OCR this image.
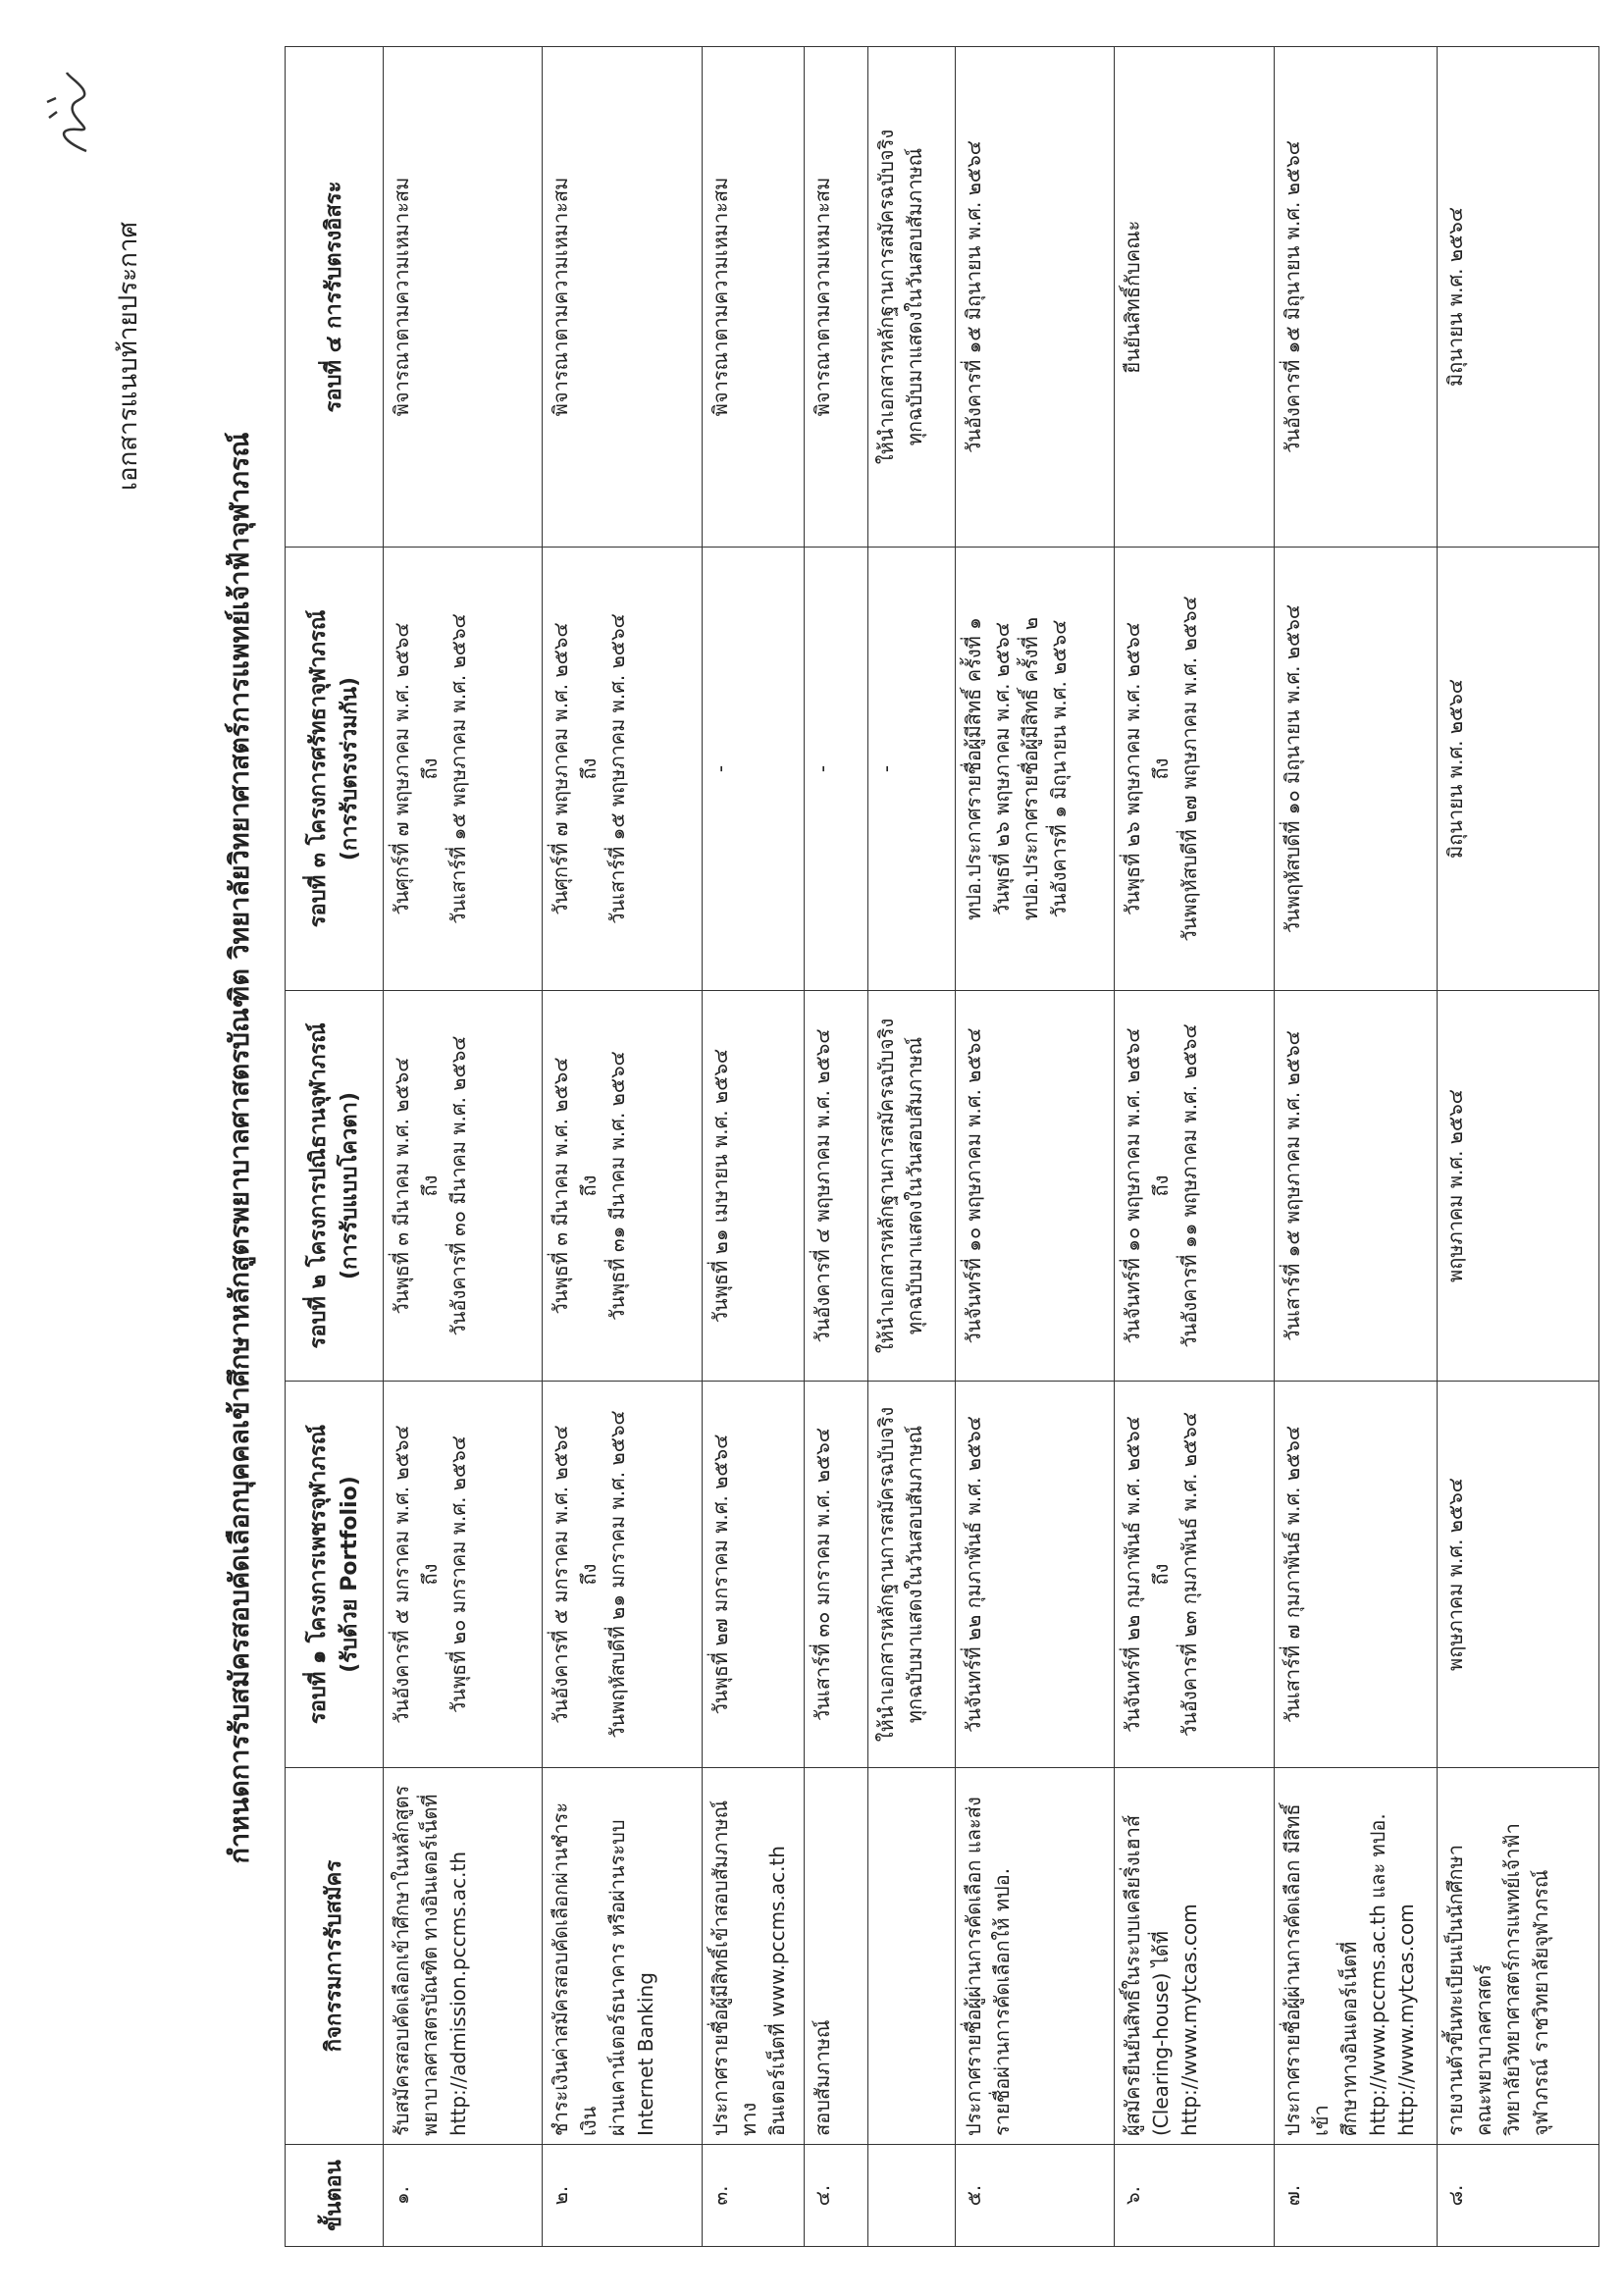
เอกสารแนบท้ายประกาศ
กำหนดการรับสมัครสอบคัดเลือกบุคคลเข้าศึกษาหลักสูตรพยาบาลศาสตรบัณฑิต วิทยาลัยวิทยาศาสตร์การแพทย์เจ้าฟ้าจุฬาภรณ์
ขั้นตอน	กิจกรรมการรับสมัคร	รอบที่ ๑ โครงการเพชรจุฬาภรณ์ (รับด้วย Portfolio)	รอบที่ ๒ โครงการปณิธานจุฬาภรณ์ (การรับแบบโควตา)	รอบที่ ๓ โครงการศรัทธาจุฬาภรณ์ (การรับตรงร่วมกัน)	รอบที่ ๔ การรับตรงอิสระ

๑.	รับสมัครสอบคัดเลือกเข้าศึกษาในหลักสูตร พยาบาลศาสตรบัณฑิต ทางอินเตอร์เน็ตที่ http://admission.pccms.ac.th	วันอังคารที่ ๕ มกราคม พ.ศ. ๒๕๖๔ ถึง วันพุธที่ ๒๐ มกราคม พ.ศ. ๒๕๖๔	วันพุธที่ ๓ มีนาคม พ.ศ. ๒๕๖๔ ถึง วันอังคารที่ ๓๐ มีนาคม พ.ศ. ๒๕๖๔	วันศุกร์ที่ ๗ พฤษภาคม พ.ศ. ๒๕๖๔ ถึง วันเสาร์ที่ ๑๕ พฤษภาคม พ.ศ. ๒๕๖๔	พิจารณาตามความเหมาะสม

๒.	ชำระเงินค่าสมัครสอบคัดเลือกผ่านชำระเงิน ผ่านเคาน์เตอร์ธนาคาร หรือผ่านระบบ Internet Banking	วันอังคารที่ ๕ มกราคม พ.ศ. ๒๕๖๔ ถึง วันพฤหัสบดีที่ ๒๑ มกราคม พ.ศ. ๒๕๖๔	วันพุธที่ ๓ มีนาคม พ.ศ. ๒๕๖๔ ถึง วันพุธที่ ๓๑ มีนาคม พ.ศ. ๒๕๖๔	วันศุกร์ที่ ๗ พฤษภาคม พ.ศ. ๒๕๖๔ ถึง วันเสาร์ที่ ๑๕ พฤษภาคม พ.ศ. ๒๕๖๔	พิจารณาตามความเหมาะสม

๓.	ประกาศรายชื่อผู้มีสิทธิ์เข้าสอบสัมภาษณ์ ทาง อินเตอร์เน็ตที่ www.pccms.ac.th	วันพุธที่ ๒๗ มกราคม พ.ศ. ๒๕๖๔	วันพุธที่ ๒๑ เมษายน พ.ศ. ๒๕๖๔	-	พิจารณาตามความเหมาะสม

๔.	สอบสัมภาษณ์	วันเสาร์ที่ ๓๐ มกราคม พ.ศ. ๒๕๖๔	วันอังคารที่ ๔ พฤษภาคม พ.ศ. ๒๕๖๔	-	พิจารณาตามความเหมาะสม

		ให้นำเอกสารหลักฐานการสมัครฉบับจริง ทุกฉบับมาแสดงในวันสอบสัมภาษณ์	ให้นำเอกสารหลักฐานการสมัครฉบับจริง ทุกฉบับมาแสดงในวันสอบสัมภาษณ์	-	ให้นำเอกสารหลักฐานการสมัครฉบับจริง ทุกฉบับมาแสดงในวันสอบสัมภาษณ์

๕.	ประกาศรายชื่อผู้ผ่านการคัดเลือก และส่ง รายชื่อผ่านการคัดเลือกให้ ทปอ.	วันจันทร์ที่ ๒๒ กุมภาพันธ์ พ.ศ. ๒๕๖๔	วันจันทร์ที่ ๑๐ พฤษภาคม พ.ศ. ๒๕๖๔	ทปอ.ประกาศรายชื่อผู้มีสิทธิ์ ครั้งที่ ๑ วันพุธที่ ๒๖ พฤษภาคม พ.ศ. ๒๕๖๔ ทปอ.ประกาศรายชื่อผู้มีสิทธิ์ ครั้งที่ ๒ วันอังคารที่ ๑ มิถุนายน พ.ศ. ๒๕๖๔	วันอังคารที่ ๑๕ มิถุนายน พ.ศ. ๒๕๖๔

๖.	ผู้สมัครยืนยันสิทธิ์ในระบบเคลียริ่งเฮาส์ (Clearing-house) ได้ที่ http://www.mytcas.com	วันจันทร์ที่ ๒๒ กุมภาพันธ์ พ.ศ. ๒๕๖๔ ถึง วันอังคารที่ ๒๓ กุมภาพันธ์ พ.ศ. ๒๕๖๔	วันจันทร์ที่ ๑๐ พฤษภาคม พ.ศ. ๒๕๖๔ ถึง วันอังคารที่ ๑๑ พฤษภาคม พ.ศ. ๒๕๖๔	วันพุธที่ ๒๖ พฤษภาคม พ.ศ. ๒๕๖๔ ถึง วันพฤหัสบดีที่ ๒๗ พฤษภาคม พ.ศ. ๒๕๖๔	ยืนยันสิทธิ์กับคณะ

๗.	ประกาศรายชื่อผู้ผ่านการคัดเลือก มีสิทธิ์เข้า ศึกษาทางอินเตอร์เน็ตที่ http://www.pccms.ac.th และ ทปอ. http://www.mytcas.com	วันเสาร์ที่ ๗ กุมภาพันธ์ พ.ศ. ๒๕๖๔	วันเสาร์ที่ ๑๕ พฤษภาคม พ.ศ. ๒๕๖๔	วันพฤหัสบดีที่ ๑๐ มิถุนายน พ.ศ. ๒๕๖๔	วันอังคารที่ ๑๕ มิถุนายน พ.ศ. ๒๕๖๔

๘.	รายงานตัวขึ้นทะเบียนเป็นนักศึกษา คณะพยาบาลศาสตร์ วิทยาลัยวิทยาศาสตร์การแพทย์เจ้าฟ้า จุฬาภรณ์ ราชวิทยาลัยจุฬาภรณ์	พฤษภาคม พ.ศ. ๒๕๖๔	พฤษภาคม พ.ศ. ๒๕๖๔	มิถุนายน พ.ศ. ๒๕๖๔	มิถุนายน พ.ศ. ๒๕๖๔
